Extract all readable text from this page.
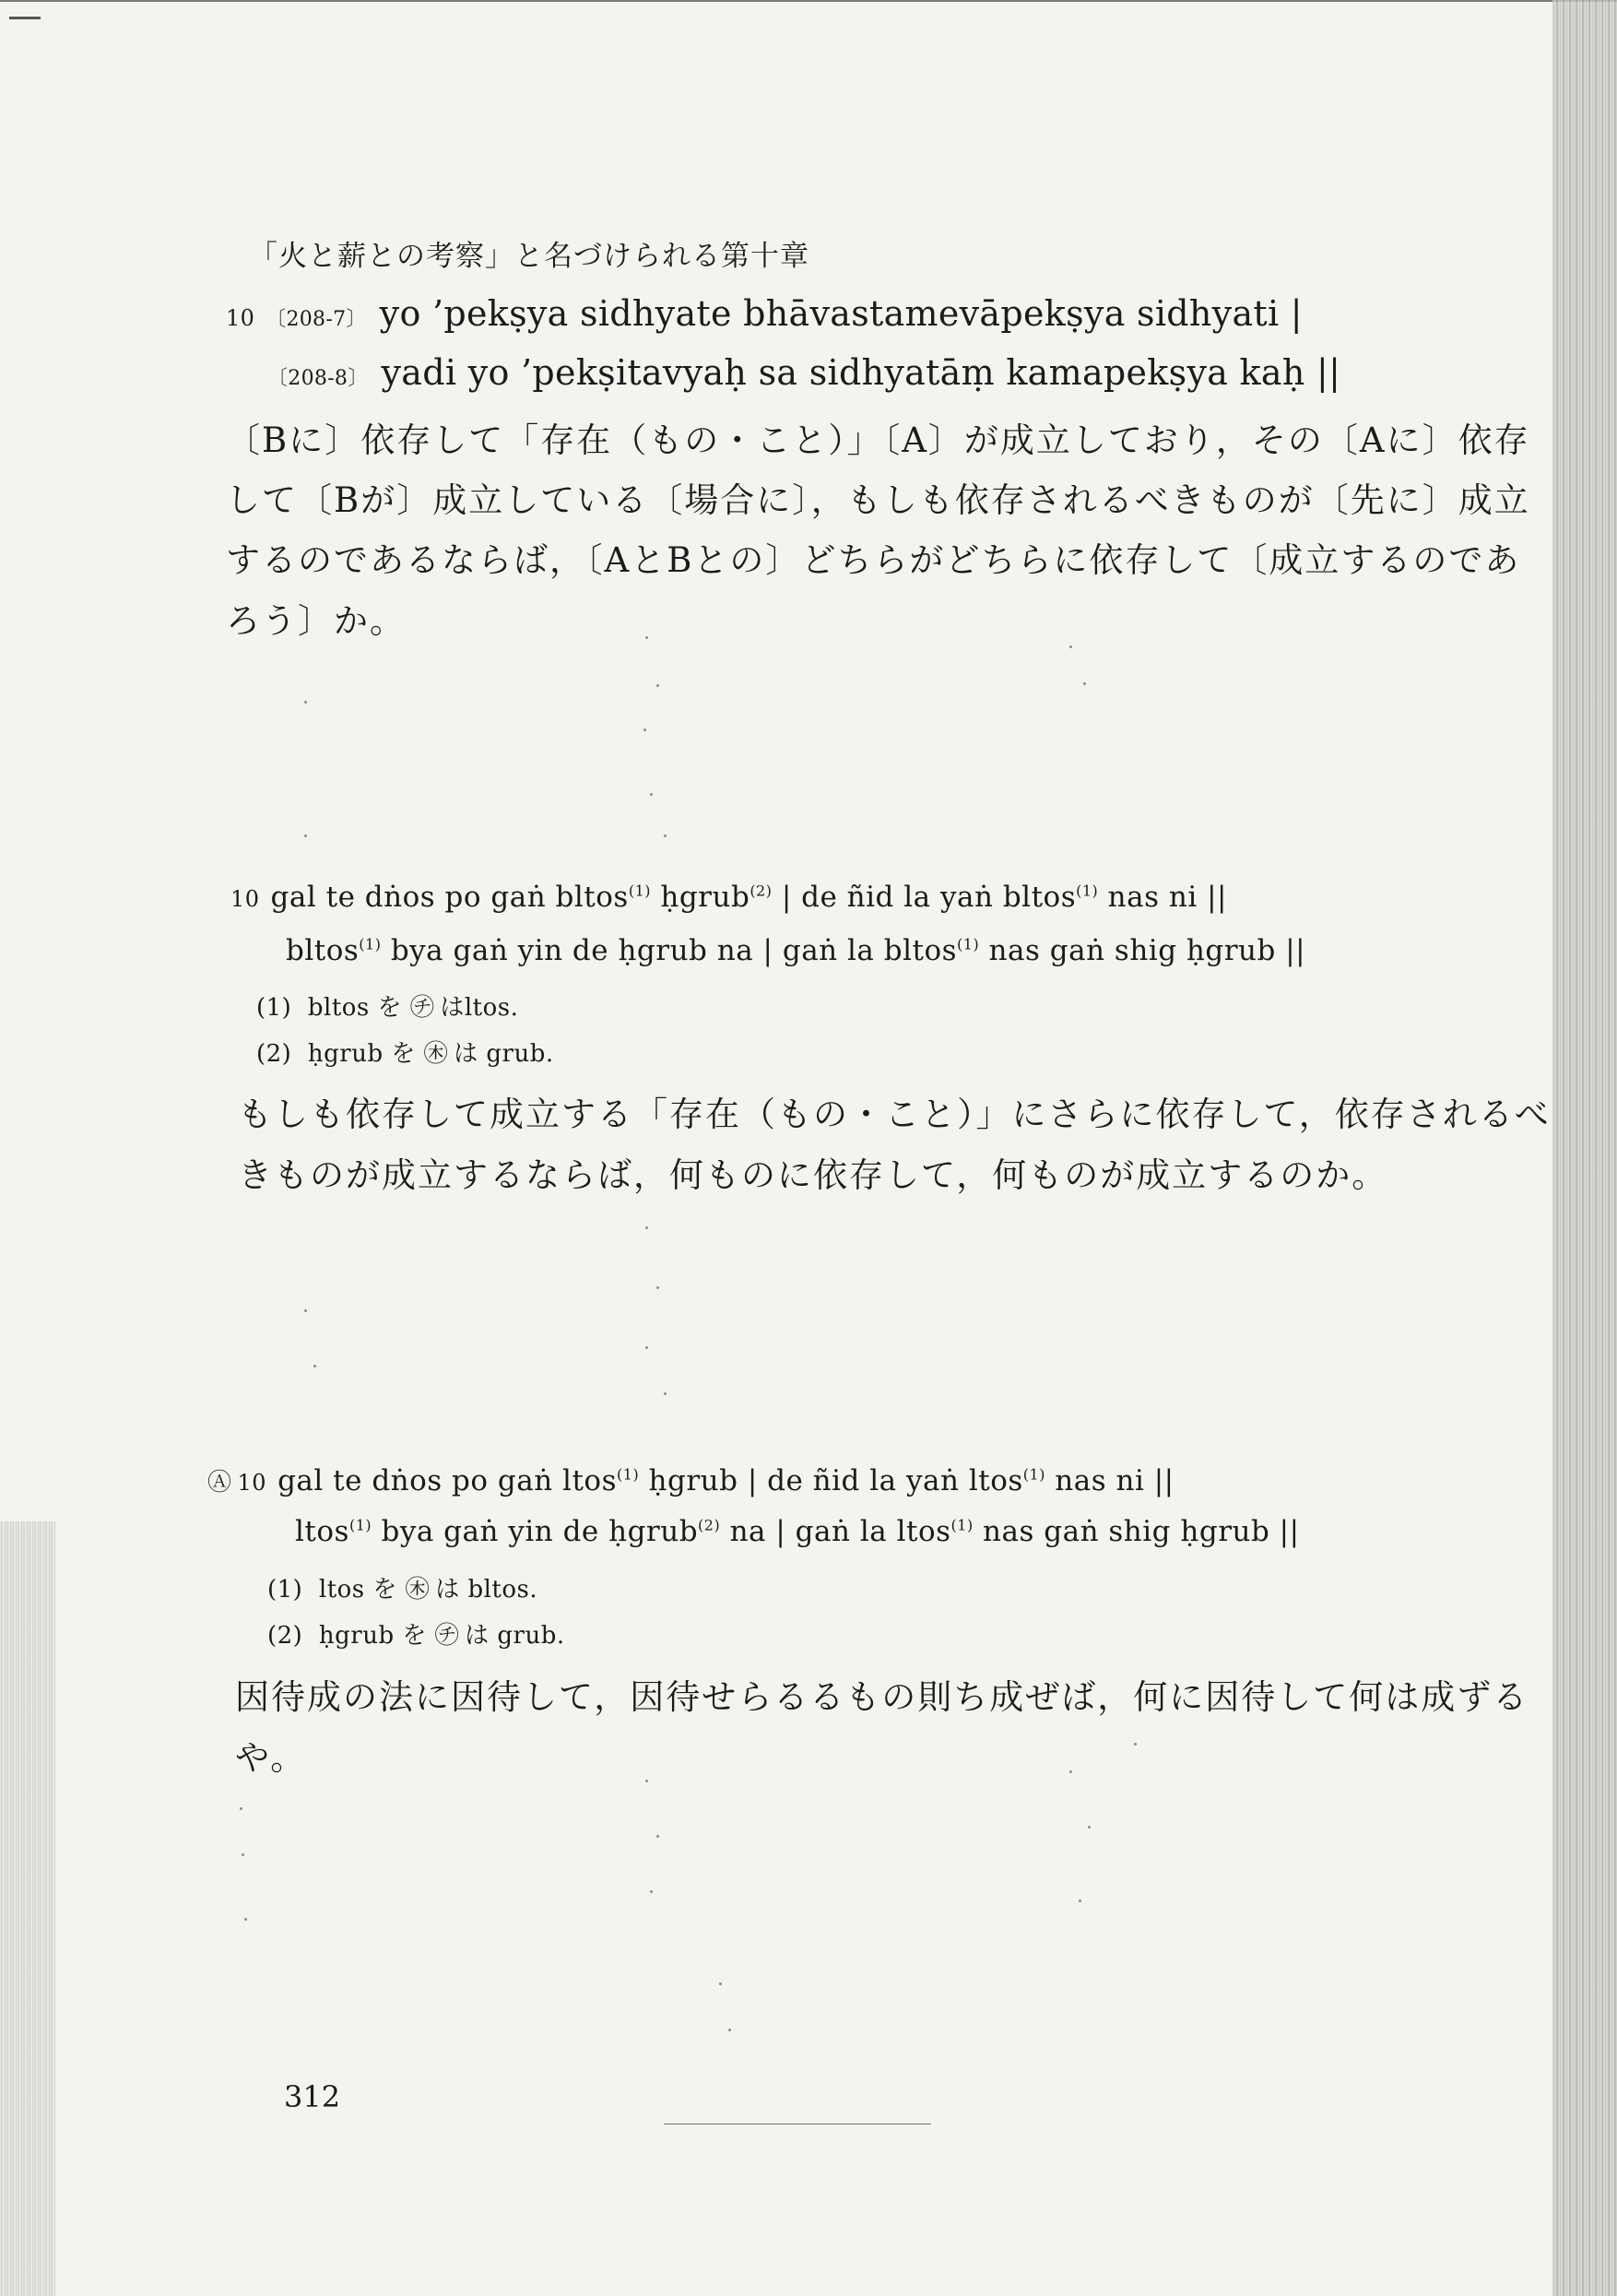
「火と薪との考察」と名づけられる第十章
10 〔208-7〕 yo ’pekṣya sidhyate bhāvastamevāpekṣya sidhyati |
〔208-8〕 yadi yo ’pekṣitavyaḥ sa sidhyatāṃ kamapekṣya kaḥ ||
〔Bに〕依存して「存在（もの・こと）」〔A〕が成立しており，その〔Aに〕依存
して〔Bが〕成立している〔場合に〕，もしも依存されるべきものが〔先に〕成立
するのであるならば，〔AとBとの〕どちらがどちらに依存して〔成立するのであ
ろう〕か。
10 gal te dṅos po gaṅ bltos$^{(1)}$ ḥgrub$^{(2)}$ | de ñid la yaṅ bltos$^{(1)}$ nas ni ||
bltos$^{(1)}$ bya gaṅ yin de ḥgrub na | gaṅ la bltos$^{(1)}$ nas gaṅ shig ḥgrub ||
(1) bltos を ㋠ はltos.
(2) ḥgrub を ㊍ は grub.
もしも依存して成立する「存在（もの・こと）」にさらに依存して，依存されるべ
きものが成立するならば，何ものに依存して，何ものが成立するのか。
Ⓐ 10 gal te dṅos po gaṅ ltos$^{(1)}$ ḥgrub | de ñid la yaṅ ltos$^{(1)}$ nas ni ||
ltos$^{(1)}$ bya gaṅ yin de ḥgrub$^{(2)}$ na | gaṅ la ltos$^{(1)}$ nas gaṅ shig ḥgrub ||
(1) ltos を ㊍ は bltos.
(2) ḥgrub を ㋠ は grub.
因待成の法に因待して，因待せらるるもの則ち成ぜば，何に因待して何は成ずる
や。
312
